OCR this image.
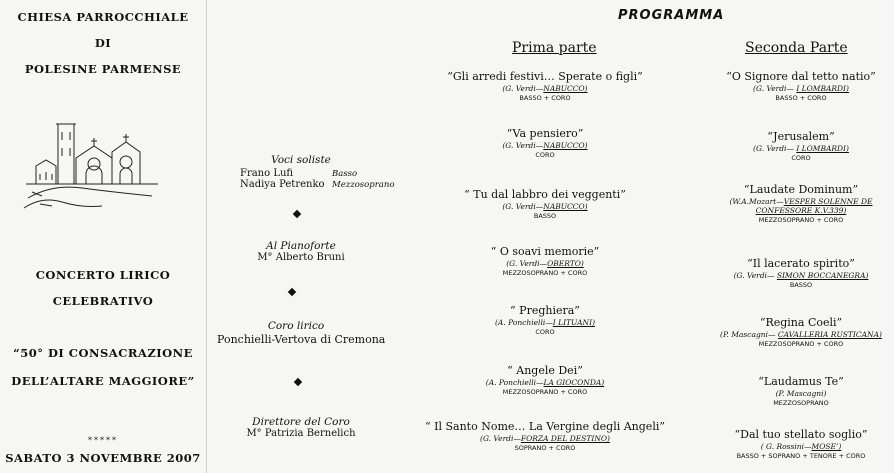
CHIESA PARROCCHIALE
DI
POLESINE PARMENSE
CONCERTO LIRICO
CELEBRATIVO
“50° DI CONSACRAZIONE
DELL’ALTARE MAGGIORE”
*****
SABATO 3 NOVEMBRE 2007
Voci soliste
Frano Lufi	Basso
Nadiya Petrenko Mezzosoprano
Al Pianoforte
M° Alberto Bruni
Coro lirico
Ponchielli-Vertova di Cremona
Direttore del Coro
M° Patrizia Bernelich
PROGRAMMA
Prima parte	Seconda Parte
“Gli arredi festivi… Sperate o figli”
(G. Verdi—NABUCCO)
BASSO + CORO
“Va pensiero”
(G. Verdi—NABUCCO)
CORO
“ Tu dal labbro dei veggenti”
(G. Verdi—NABUCCO)
BASSO
“ O soavi memorie”
(G. Verdi—OBERTO)
MEZZOSOPRANO + CORO
“ Preghiera”
(A. Ponchielli—I LITUANI)
CORO
“ Angele Dei”
(A. Ponchielli—LA GIOCONDA)
MEZZOSOPRANO + CORO
“ Il Santo Nome… La Vergine degli Angeli”
(G. Verdi—FORZA DEL DESTINO)
SOPRANO + CORO
“O Signore dal tetto natio”
(G. Verdi— I LOMBARDI)
BASSO + CORO
“Jerusalem”
(G. Verdi— I LOMBARDI)
CORO
“Laudate Dominum”
(W.A.Mozart—VESPER SOLENNE DE CONFESSORE K.V.339)
MEZZOSOPRANO + CORO
“Il lacerato spirito”
(G. Verdi— SIMON BOCCANEGRA)
BASSO
“Regina Coeli”
(P. Mascagni— CAVALLERIA RUSTICANA)
MEZZOSOPRANO + CORO
“Laudamus Te”
(P. Mascagni)
MEZZOSOPRANO
“Dal tuo stellato soglio”
( G. Rossini—MOSE’)
BASSO + SOPRANO + TENORE + CORO
